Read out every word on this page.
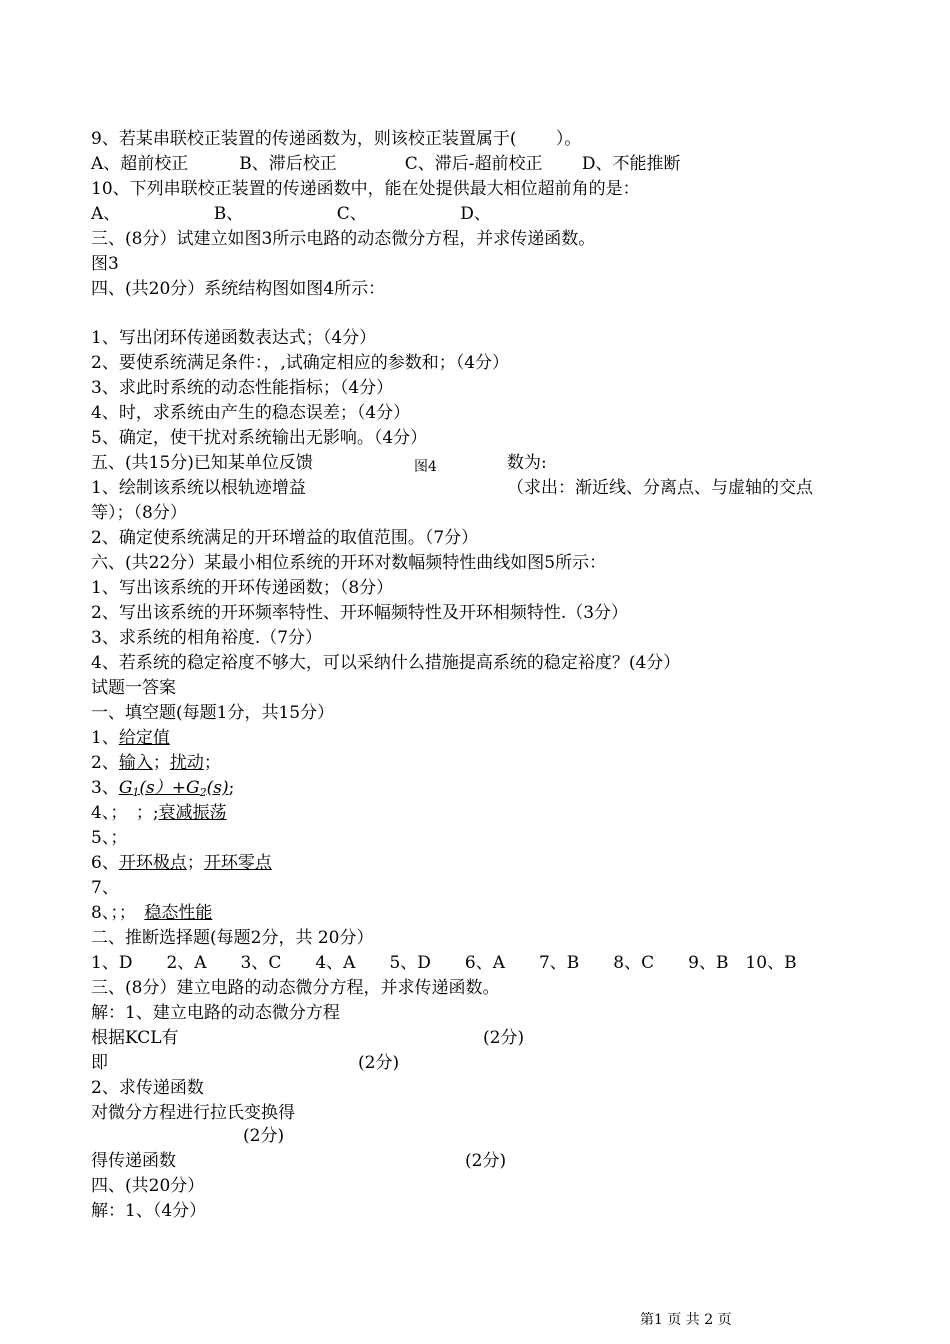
9、若某串联校正装置的传递函数为，则该校正装置属于(　　 ）。
A、超前校正　　　B、滞后校正　　　　C、滞后-超前校正　　 D、不能推断
10、下列串联校正装置的传递函数中，能在处提供最大相位超前角的是：
A、　　　　　　B、　　　　　　C、　　　　　　D、
三、(8分）试建立如图3所示电路的动态微分方程，并求传递函数。
图3
四、(共20分）系统结构图如图4所示：
1、写出闭环传递函数表达式；（4分）
2、要使系统满足条件：，,试确定相应的参数和；（4分）
3、求此时系统的动态性能指标；（4分）
4、时，求系统由产生的稳态误差；（4分）
5、确定，使干扰对系统输出无影响。（4分）
五、(共15分)已知某单位反馈	数为:
图4
1、绘制该系统以根轨迹增益	（求出：渐近线、分离点、与虚轴的交点
等）；（8分）
2、确定使系统满足的开环增益的取值范围。（7分）
六、(共22分）某最小相位系统的开环对数幅频特性曲线如图5所示：
1、写出该系统的开环传递函数；（8分）
2、写出该系统的开环频率特性、开环幅频特性及开环相频特性.（3分）
3、求系统的相角裕度.（7分）
4、若系统的稳定裕度不够大，可以采纳什么措施提高系统的稳定裕度？(4分）
试题一答案
一、填空题(每题1分，共15分）
1、给定值
2、输入；扰动；
3、$G_1(s)+G_2(s)$;
4、；　；;衰减振荡
5、；
6、开环极点；开环零点
7、
8、；；　稳态性能
二、推断选择题(每题2分，共 20分）
1、D　　2、A　　3、C　　4、A　　5、D　　6、A　　7、B　　8、C　　9、B　10、B
三、(8分）建立电路的动态微分方程，并求传递函数。
解：1、建立电路的动态微分方程
根据KCL有	(2分)
即	(2分)
2、求传递函数
对微分方程进行拉氏变换得
(2分)
得传递函数	(2分)
四、(共20分）
解：1、（4分）
第1 页 共 2 页
